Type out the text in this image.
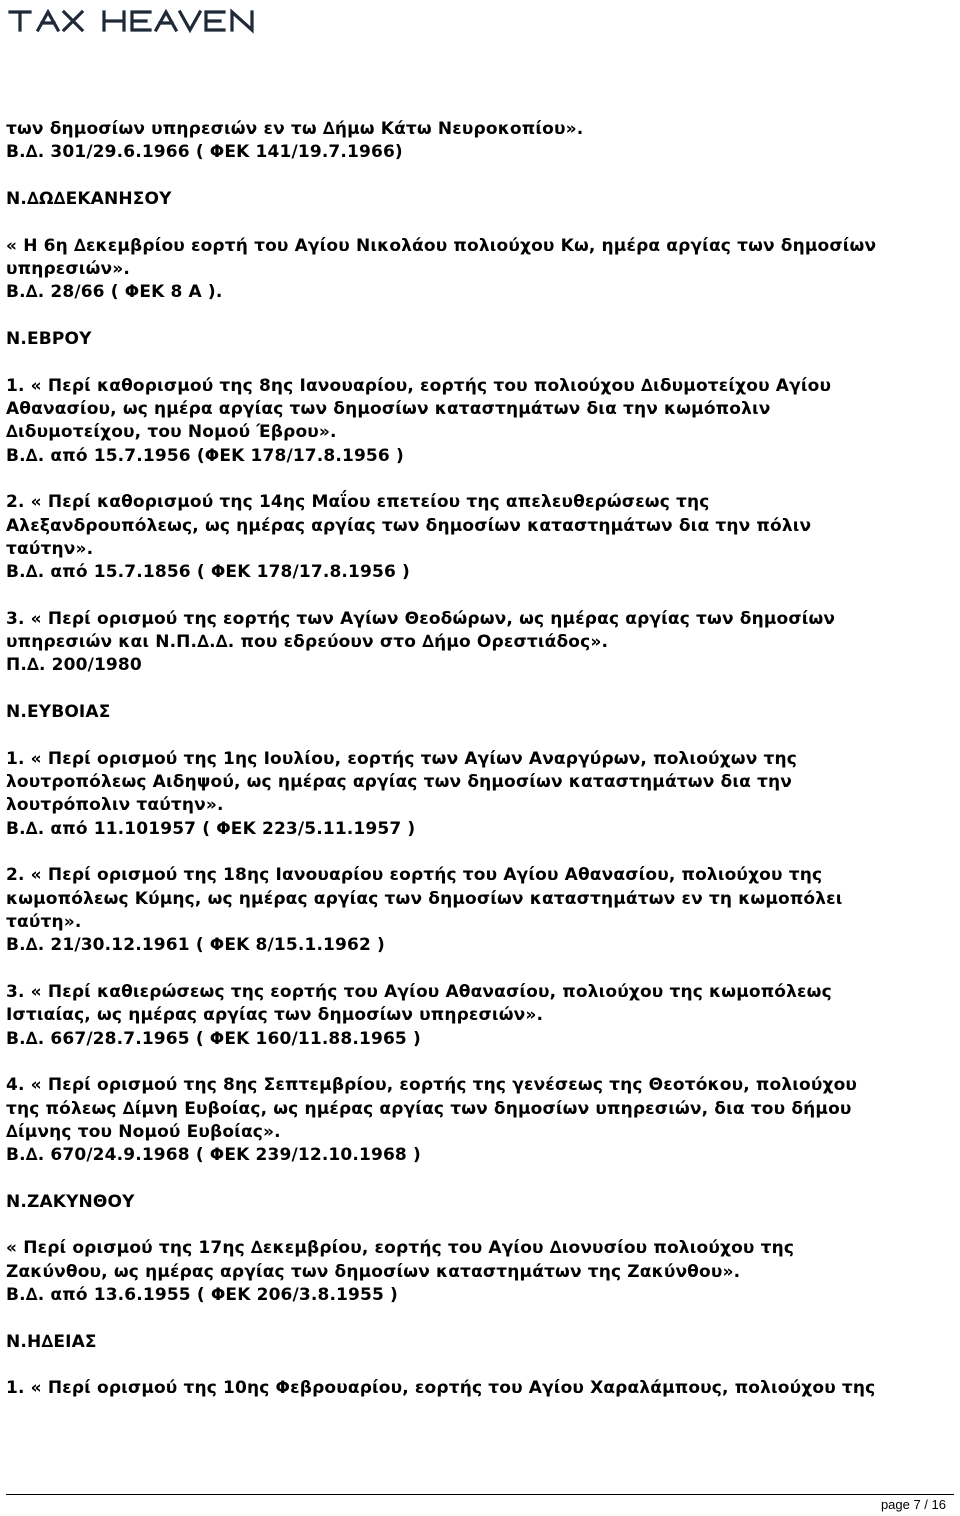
των δημοσίων υπηρεσιών εν τω ∆ήμω Κάτω Νευροκοπίου».
Β.∆. 301/29.6.1966 ( ΦΕΚ 141/19.7.1966)
Ν.∆Ω∆ΕΚΑΝΗΣΟΥ
« Η 6η ∆εκεμβρίου εορτή του Αγίου Νικολάου πολιούχου Κω, ημέρα αργίας των δημοσίων
υπηρεσιών».
Β.∆. 28/66 ( ΦΕΚ 8 Α ).
Ν.ΕΒΡΟΥ
1. « Περί καθορισμού της 8ης Ιανουαρίου, εορτής του πολιούχου ∆ιδυμοτείχου Αγίου
Αθανασίου, ως ημέρα αργίας των δημοσίων καταστημάτων δια την κωμόπολιν
∆ιδυμοτείχου, του Νομού Έβρου».
Β.∆. από 15.7.1956 (ΦΕΚ 178/17.8.1956 )
2. « Περί καθορισμού της 14ης Μαΐου επετείου της απελευθερώσεως της
Αλεξανδρουπόλεως, ως ημέρας αργίας των δημοσίων καταστημάτων δια την πόλιν
ταύτην».
Β.∆. από 15.7.1856 ( ΦΕΚ 178/17.8.1956 )
3. « Περί ορισμού της εορτής των Αγίων Θεοδώρων, ως ημέρας αργίας των δημοσίων
υπηρεσιών και Ν.Π.∆.∆. που εδρεύουν στο ∆ήμο Ορεστιάδος».
Π.∆. 200/1980
Ν.ΕΥΒΟΙΑΣ
1. « Περί ορισμού της 1ης Ιουλίου, εορτής των Αγίων Αναργύρων, πολιούχων της
λουτροπόλεως Αιδηψού, ως ημέρας αργίας των δημοσίων καταστημάτων δια την
λουτρόπολιν ταύτην».
Β.∆. από 11.101957 ( ΦΕΚ 223/5.11.1957 )
2. « Περί ορισμού της 18ης Ιανουαρίου εορτής του Αγίου Αθανασίου, πολιούχου της
κωμοπόλεως Κύμης, ως ημέρας αργίας των δημοσίων καταστημάτων εν τη κωμοπόλει
ταύτη».
Β.∆. 21/30.12.1961 ( ΦΕΚ 8/15.1.1962 )
3. « Περί καθιερώσεως της εορτής του Αγίου Αθανασίου, πολιούχου της κωμοπόλεως
Ιστιαίας, ως ημέρας αργίας των δημοσίων υπηρεσιών».
Β.∆. 667/28.7.1965 ( ΦΕΚ 160/11.88.1965 )
4. « Περί ορισμού της 8ης Σεπτεμβρίου, εορτής της γενέσεως της Θεοτόκου, πολιούχου
της πόλεως ∆ίμνη Ευβοίας, ως ημέρας αργίας των δημοσίων υπηρεσιών, δια του δήμου
∆ίμνης του Νομού Ευβοίας».
Β.∆. 670/24.9.1968 ( ΦΕΚ 239/12.10.1968 )
Ν.ΖΑΚΥΝΘΟΥ
« Περί ορισμού της 17ης ∆εκεμβρίου, εορτής του Αγίου ∆ιονυσίου πολιούχου της
Ζακύνθου, ως ημέρας αργίας των δημοσίων καταστημάτων της Ζακύνθου».
Β.∆. από 13.6.1955 ( ΦΕΚ 206/3.8.1955 )
Ν.Η∆ΕΙΑΣ
1. « Περί ορισμού της 10ης Φεβρουαρίου, εορτής του Αγίου Χαραλάμπους, πολιούχου της
page 7 / 16
